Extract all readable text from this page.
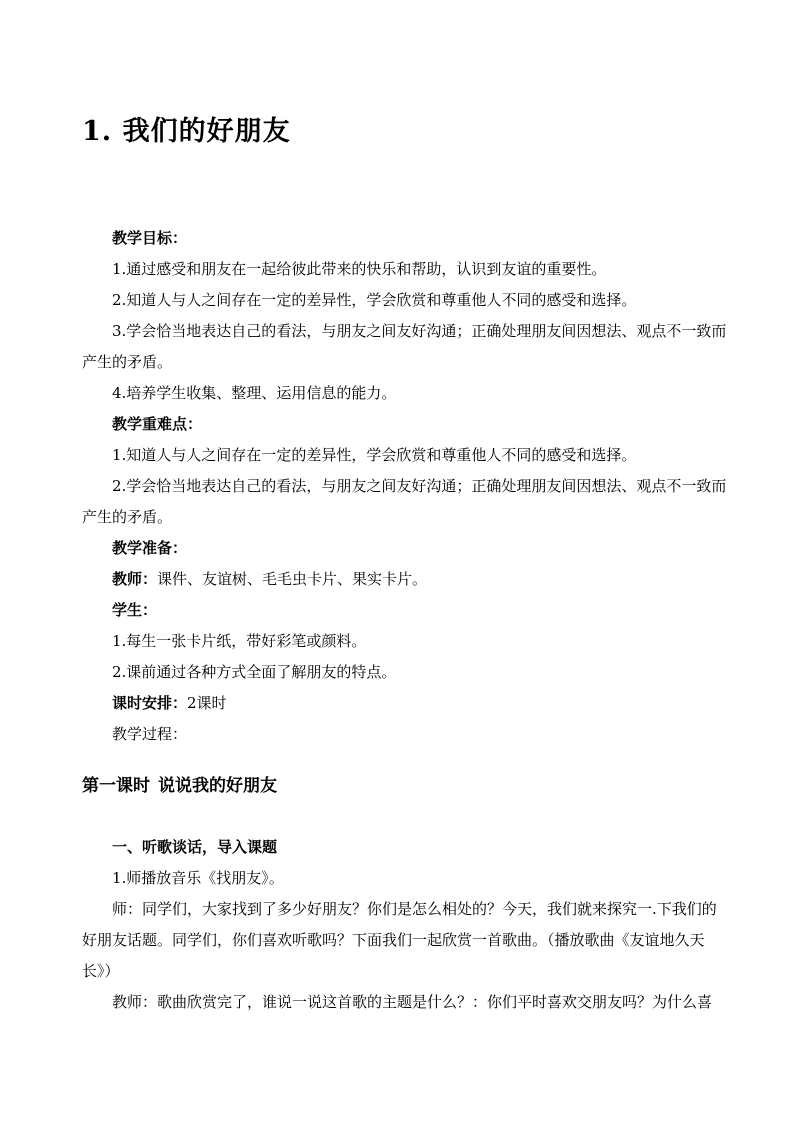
1. 我们的好朋友

教学目标：

1.通过感受和朋友在一起给彼此带来的快乐和帮助，认识到友谊的重要性。

2.知道人与人之间存在一定的差异性，学会欣赏和尊重他人不同的感受和选择。

3.学会恰当地表达自己的看法，与朋友之间友好沟通；正确处理朋友间因想法、观点不一致而产生的矛盾。

4.培养学生收集、整理、运用信息的能力。

教学重难点：

1.知道人与人之间存在一定的差异性，学会欣赏和尊重他人不同的感受和选择。

2.学会恰当地表达自己的看法，与朋友之间友好沟通；正确处理朋友间因想法、观点不一致而产生的矛盾。

教学准备：

教师：课件、友谊树、毛毛虫卡片、果实卡片。

学生：

1.每生一张卡片纸，带好彩笔或颜料。

2.课前通过各种方式全面了解朋友的特点。

课时安排：2课时

教学过程：

第一课时 说说我的好朋友

一、听歌谈话，导入课题

1.师播放音乐《找朋友》。

师：同学们，大家找到了多少好朋友？你们是怎么相处的？今天，我们就来探究一.下我们的好朋友话题。同学们，你们喜欢听歌吗？下面我们一起欣赏一首歌曲。（播放歌曲《友谊地久天长》）

教师：歌曲欣赏完了，谁说一说这首歌的主题是什么？：你们平时喜欢交朋友吗？为什么喜
